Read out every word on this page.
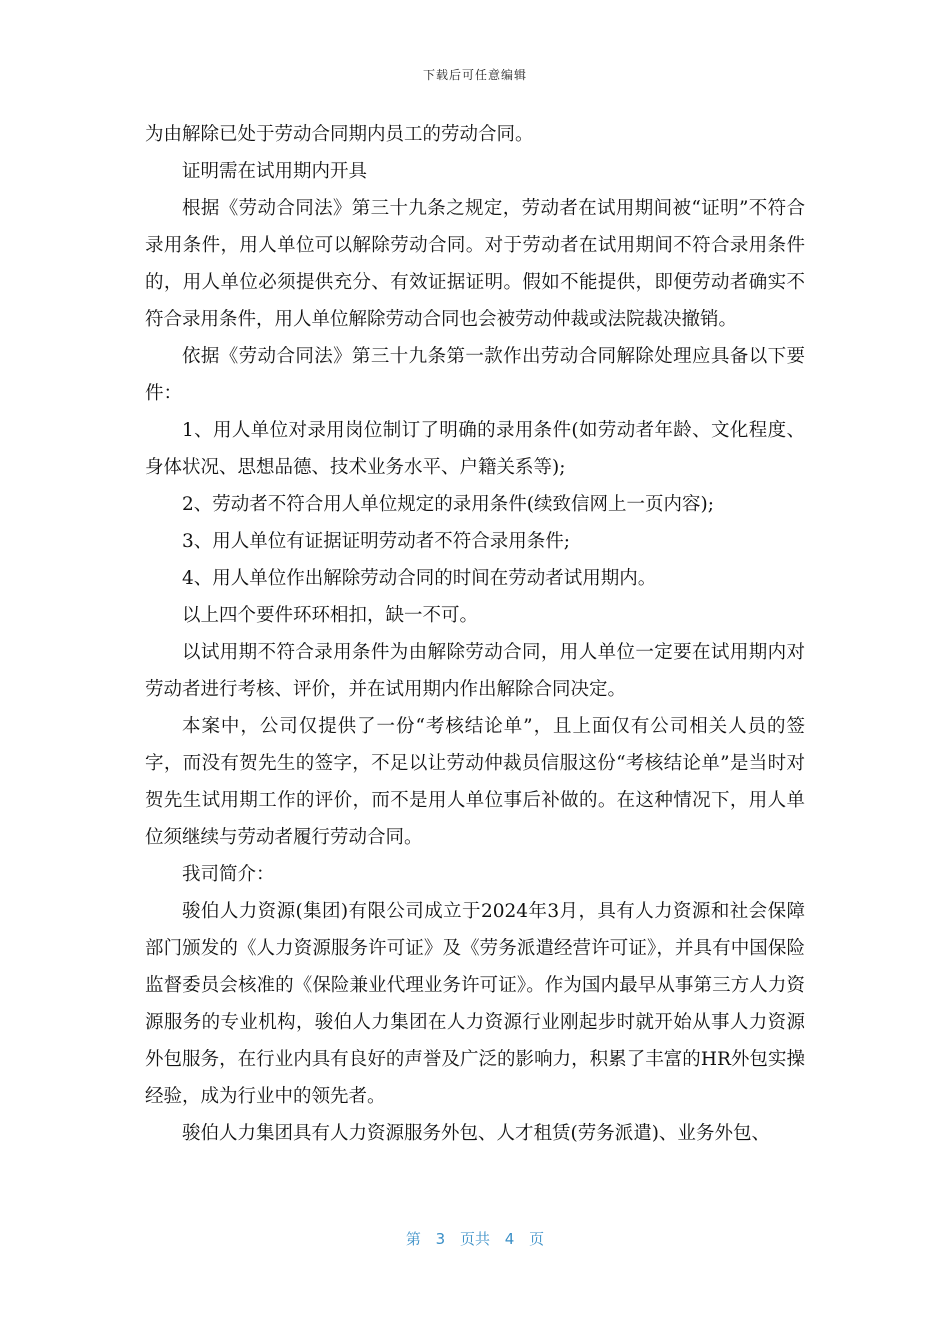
下载后可任意编辑

为由解除已处于劳动合同期内员工的劳动合同。

证明需在试用期内开具

根据《劳动合同法》第三十九条之规定，劳动者在试用期间被“证明”不符合录用条件，用人单位可以解除劳动合同。对于劳动者在试用期间不符合录用条件的，用人单位必须提供充分、有效证据证明。假如不能提供，即便劳动者确实不符合录用条件，用人单位解除劳动合同也会被劳动仲裁或法院裁决撤销。

依据《劳动合同法》第三十九条第一款作出劳动合同解除处理应具备以下要件：

1、用人单位对录用岗位制订了明确的录用条件(如劳动者年龄、文化程度、身体状况、思想品德、技术业务水平、户籍关系等);

2、劳动者不符合用人单位规定的录用条件(续致信网上一页内容);

3、用人单位有证据证明劳动者不符合录用条件;

4、用人单位作出解除劳动合同的时间在劳动者试用期内。

以上四个要件环环相扣，缺一不可。

以试用期不符合录用条件为由解除劳动合同，用人单位一定要在试用期内对劳动者进行考核、评价，并在试用期内作出解除合同决定。

本案中，公司仅提供了一份“考核结论单”，且上面仅有公司相关人员的签字，而没有贺先生的签字，不足以让劳动仲裁员信服这份“考核结论单”是当时对贺先生试用期工作的评价，而不是用人单位事后补做的。在这种情况下，用人单位须继续与劳动者履行劳动合同。

我司简介：

骏伯人力资源(集团)有限公司成立于2024年3月，具有人力资源和社会保障部门颁发的《人力资源服务许可证》及《劳务派遣经营许可证》，并具有中国保险监督委员会核准的《保险兼业代理业务许可证》。作为国内最早从事第三方人力资源服务的专业机构，骏伯人力集团在人力资源行业刚起步时就开始从事人力资源外包服务，在行业内具有良好的声誉及广泛的影响力，积累了丰富的HR外包实操经验，成为行业中的领先者。

骏伯人力集团具有人力资源服务外包、人才租赁(劳务派遣)、业务外包、

第 3 页共 4 页
